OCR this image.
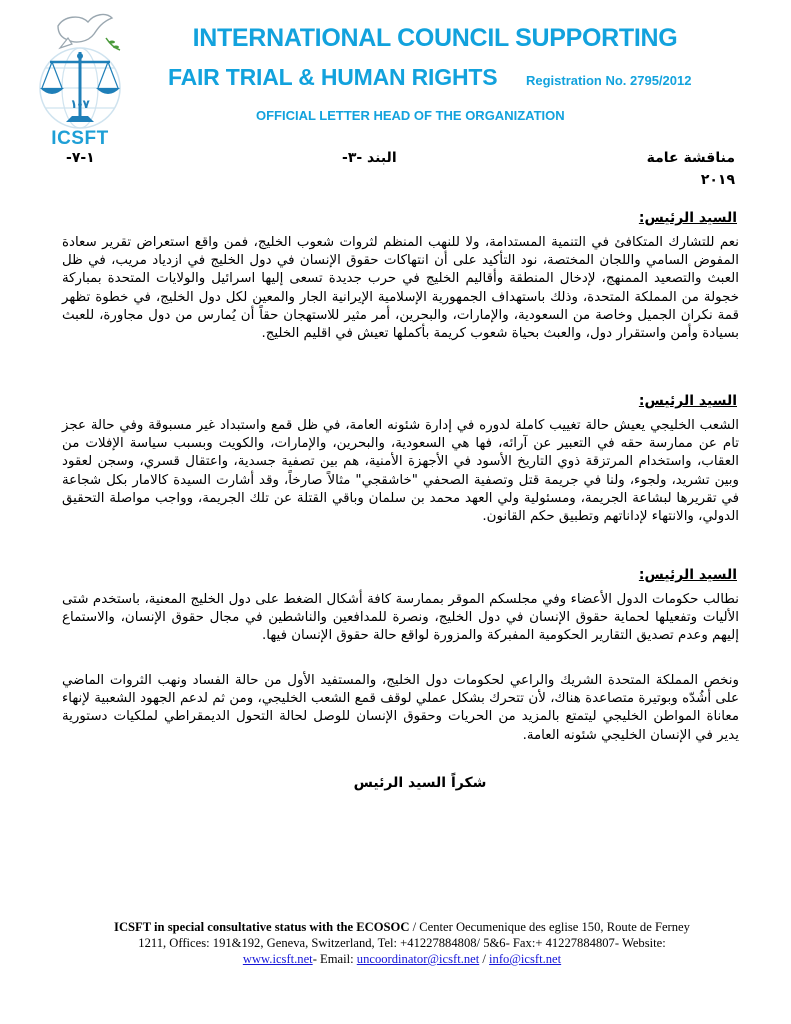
٧-١
ICSFT
INTERNATIONAL COUNCIL SUPPORTING
FAIR TRIAL & HUMAN RIGHTS Registration No. 2795/2012
OFFICIAL LETTER HEAD OF THE ORGANIZATION
مناقشة عامة
البند -٣-
١-٧-
٢٠١٩
السيد الرئيس:
نعم للتشارك المتكافئ في التنمية المستدامة، ولا للنهب المنظم لثروات شعوب الخليج، فمن واقع استعراض تقرير سعادة المفوض السامي واللجان المختصة، نود التأكيد على أن انتهاكات حقوق الإنسان في دول الخليج في ازدياد مريب، في ظل العبث والتصعيد الممنهج، لإدخال المنطقة وأقاليم الخليج في حرب جديدة تسعى إليها اسرائيل والولايات المتحدة بمباركة خجولة من المملكة المتحدة، وذلك باستهداف الجمهورية الإسلامية الإيرانية الجار والمعين لكل دول الخليج، في خطوة تظهر قمة نكران الجميل وخاصة من السعودية، والإمارات، والبحرين، أمر مثير للاستهجان حقاً أن يُمارس من دول مجاورة، للعبث بسيادة وأمن واستقرار دول، والعبث بحياة شعوب كريمة بأكملها تعيش في اقليم الخليج.
السيد الرئيس:
الشعب الخليجي يعيش حالة تغييب كاملة لدوره في إدارة شئونه العامة، في ظل قمع واستبداد غير مسبوقة وفي حالة عجز تام عن ممارسة حقه في التعبير عن آرائه، فها هي السعودية، والبحرين، والإمارات، والكويت وبسبب سياسة الإفلات من العقاب، واستخدام المرتزقة ذوي التاريخ الأسود في الأجهزة الأمنية، هم بين تصفية جسدية، واعتقال قسري، وسجن لعقود وبين تشريد، ولجوء، ولنا في جريمة قتل وتصفية الصحفي "خاشقجي" مثالاً صارخاً، وقد أشارت السيدة كالامار بكل شجاعة في تقريرها لبشاعة الجريمة، ومسئولية ولي العهد محمد بن سلمان وباقي القتلة عن تلك الجريمة، وواجب مواصلة التحقيق الدولي، والانتهاء لإداناتهم وتطبيق حكم القانون.
السيد الرئيس:
نطالب حكومات الدول الأعضاء وفي مجلسكم الموقر بممارسة كافة أشكال الضغط على دول الخليج المعنية، باستخدم شتى الأليات وتفعيلها لحماية حقوق الإنسان في دول الخليج، ونصرة للمدافعين والناشطين في مجال حقوق الإنسان، والاستماع إليهم وعدم تصديق التقارير الحكومية المفبركة والمزورة لواقع حالة حقوق الإنسان فيها.
ونخص المملكة المتحدة الشريك والراعي لحكومات دول الخليج، والمستفيد الأول من حالة الفساد ونهب الثروات الماضي على أشُدّه وبوتيرة متصاعدة هناك، لأن تتحرك بشكل عملي لوقف قمع الشعب الخليجي، ومن ثم لدعم الجهود الشعبية لإنهاء معاناة المواطن الخليجي ليتمتع بالمزيد من الحريات وحقوق الإنسان للوصل لحالة التحول الديمقراطي لملكيات دستورية يدير في الإنسان الخليجي شئونه العامة.
شكراً السيد الرئيس
ICSFT in special consultative status with the ECOSOC / Center Oecumenique des eglise 150, Route de Ferney
1211, Offices: 191&192, Geneva, Switzerland, Tel: +41227884808/ 5&6- Fax:+ 41227884807- Website:
www.icsft.net- Email: uncoordinator@icsft.net / info@icsft.net
